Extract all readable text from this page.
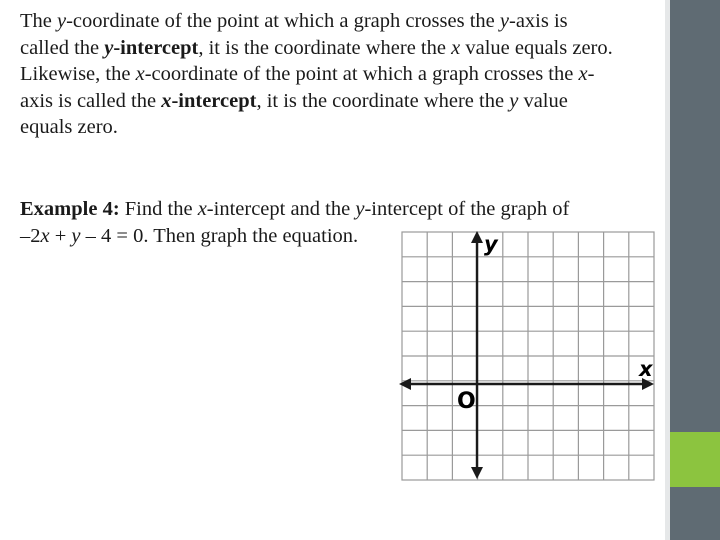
The y-coordinate of the point at which a graph crosses the y-axis is
called the y-intercept, it is the coordinate where the x value equals zero.
Likewise, the x-coordinate of the point at which a graph crosses the x-
axis is called the x-intercept, it is the coordinate where the y value
equals zero.
Example 4: Find the x-intercept and the y-intercept of the graph of
–2x + y – 4 = 0. Then graph the equation.	y
x
O
